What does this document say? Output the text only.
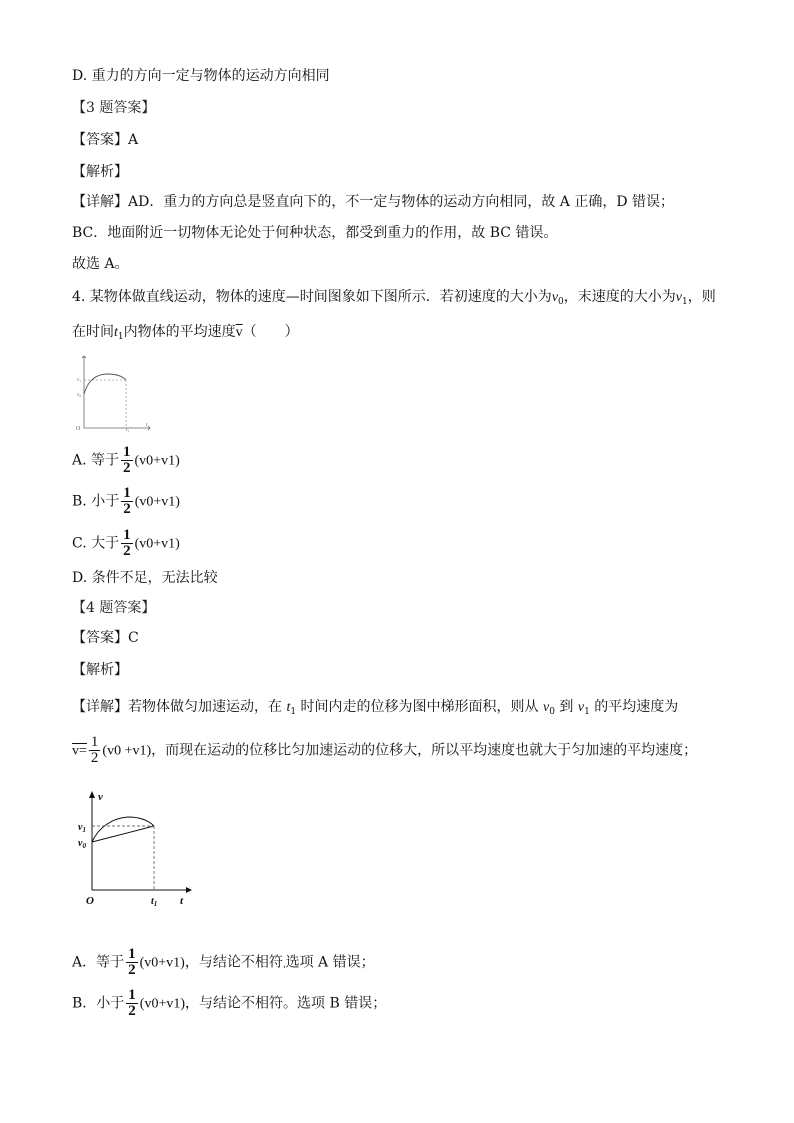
D. 重力的方向一定与物体的运动方向相同
【3 题答案】
【答案】A
【解析】
【详解】AD．重力的方向总是竖直向下的，不一定与物体的运动方向相同，故 A 正确，D 错误；
BC．地面附近一切物体无论处于何种状态，都受到重力的作用，故 BC 错误。
故选 A。
4. 某物体做直线运动，物体的速度—时间图象如下图所示．若初速度的大小为$v_0$，末速度的大小为$v_1$，则
在时间$t_1$内物体的平均速度$\overline{v}$（　　）
O	t₁
t
v₁
v₀
A. 等于 $\frac{1}{2} (v0+v1)$
B. 小于 $\frac{1}{2} (v0+v1)$
C. 大于 $\frac{1}{2} (v0+v1)$
D. 条件不足，无法比较
【4 题答案】
【答案】C
【解析】
【详解】若物体做匀加速运动，在 $t_1$ 时间内走的位移为图中梯形面积，则从 $v_0$ 到 $v_1$ 的平均速度为
$v= \frac{1}{2} (v0 +v1)$，而现在运动的位移比匀加速运动的位移大，所以平均速度也就大于匀加速的平均速度；
v
t
O
$v_1$
$v_0$
$t_1$
A．等于 $\frac{1}{2} (v0+v1)$，与结论不相符ˌ选项 A 错误；
B．小于 $\frac{1}{2} (v0+v1)$，与结论不相符。选项 B 错误；
